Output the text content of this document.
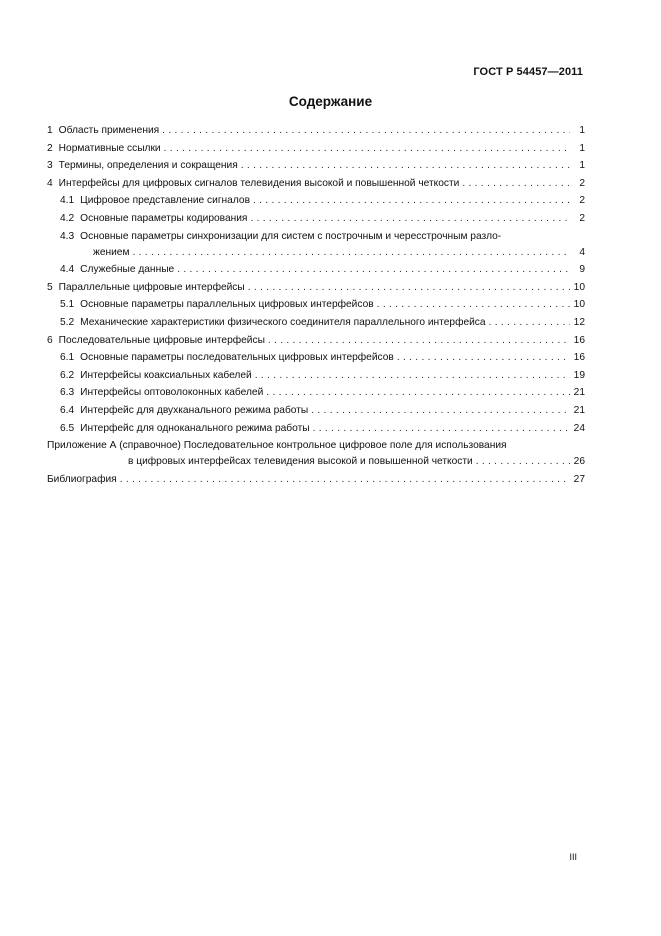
ГОСТ Р 54457—2011
Содержание
1 Область применения . . .	1
2 Нормативные ссылки . . .	1
3 Термины, определения и сокращения . . .	1
4 Интерфейсы для цифровых сигналов телевидения высокой и повышенной четкости . . .	2
4.1 Цифровое представление сигналов . . .	2
4.2 Основные параметры кодирования . . .	2
4.3 Основные параметры синхронизации для систем с построчным и чересстрочным разло-
жением . . .	4
4.4 Служебные данные . . .	9
5 Параллельные цифровые интерфейсы . . .	10
5.1 Основные параметры параллельных цифровых интерфейсов . . .	10
5.2 Механические характеристики физического соединителя параллельного интерфейса . . .	12
6 Последовательные цифровые интерфейсы . . .	16
6.1 Основные параметры последовательных цифровых интерфейсов . . .	16
6.2 Интерфейсы коаксиальных кабелей . . .	19
6.3 Интерфейсы оптоволоконных кабелей . . .	21
6.4 Интерфейс для двухканального режима работы . . .	21
6.5 Интерфейс для одноканального режима работы . . .	24
Приложение А (справочное) Последовательное контрольное цифровое поле для использования
в цифровых интерфейсах телевидения высокой и повышенной четкости . . .	26
Библиография . . .	27
III
